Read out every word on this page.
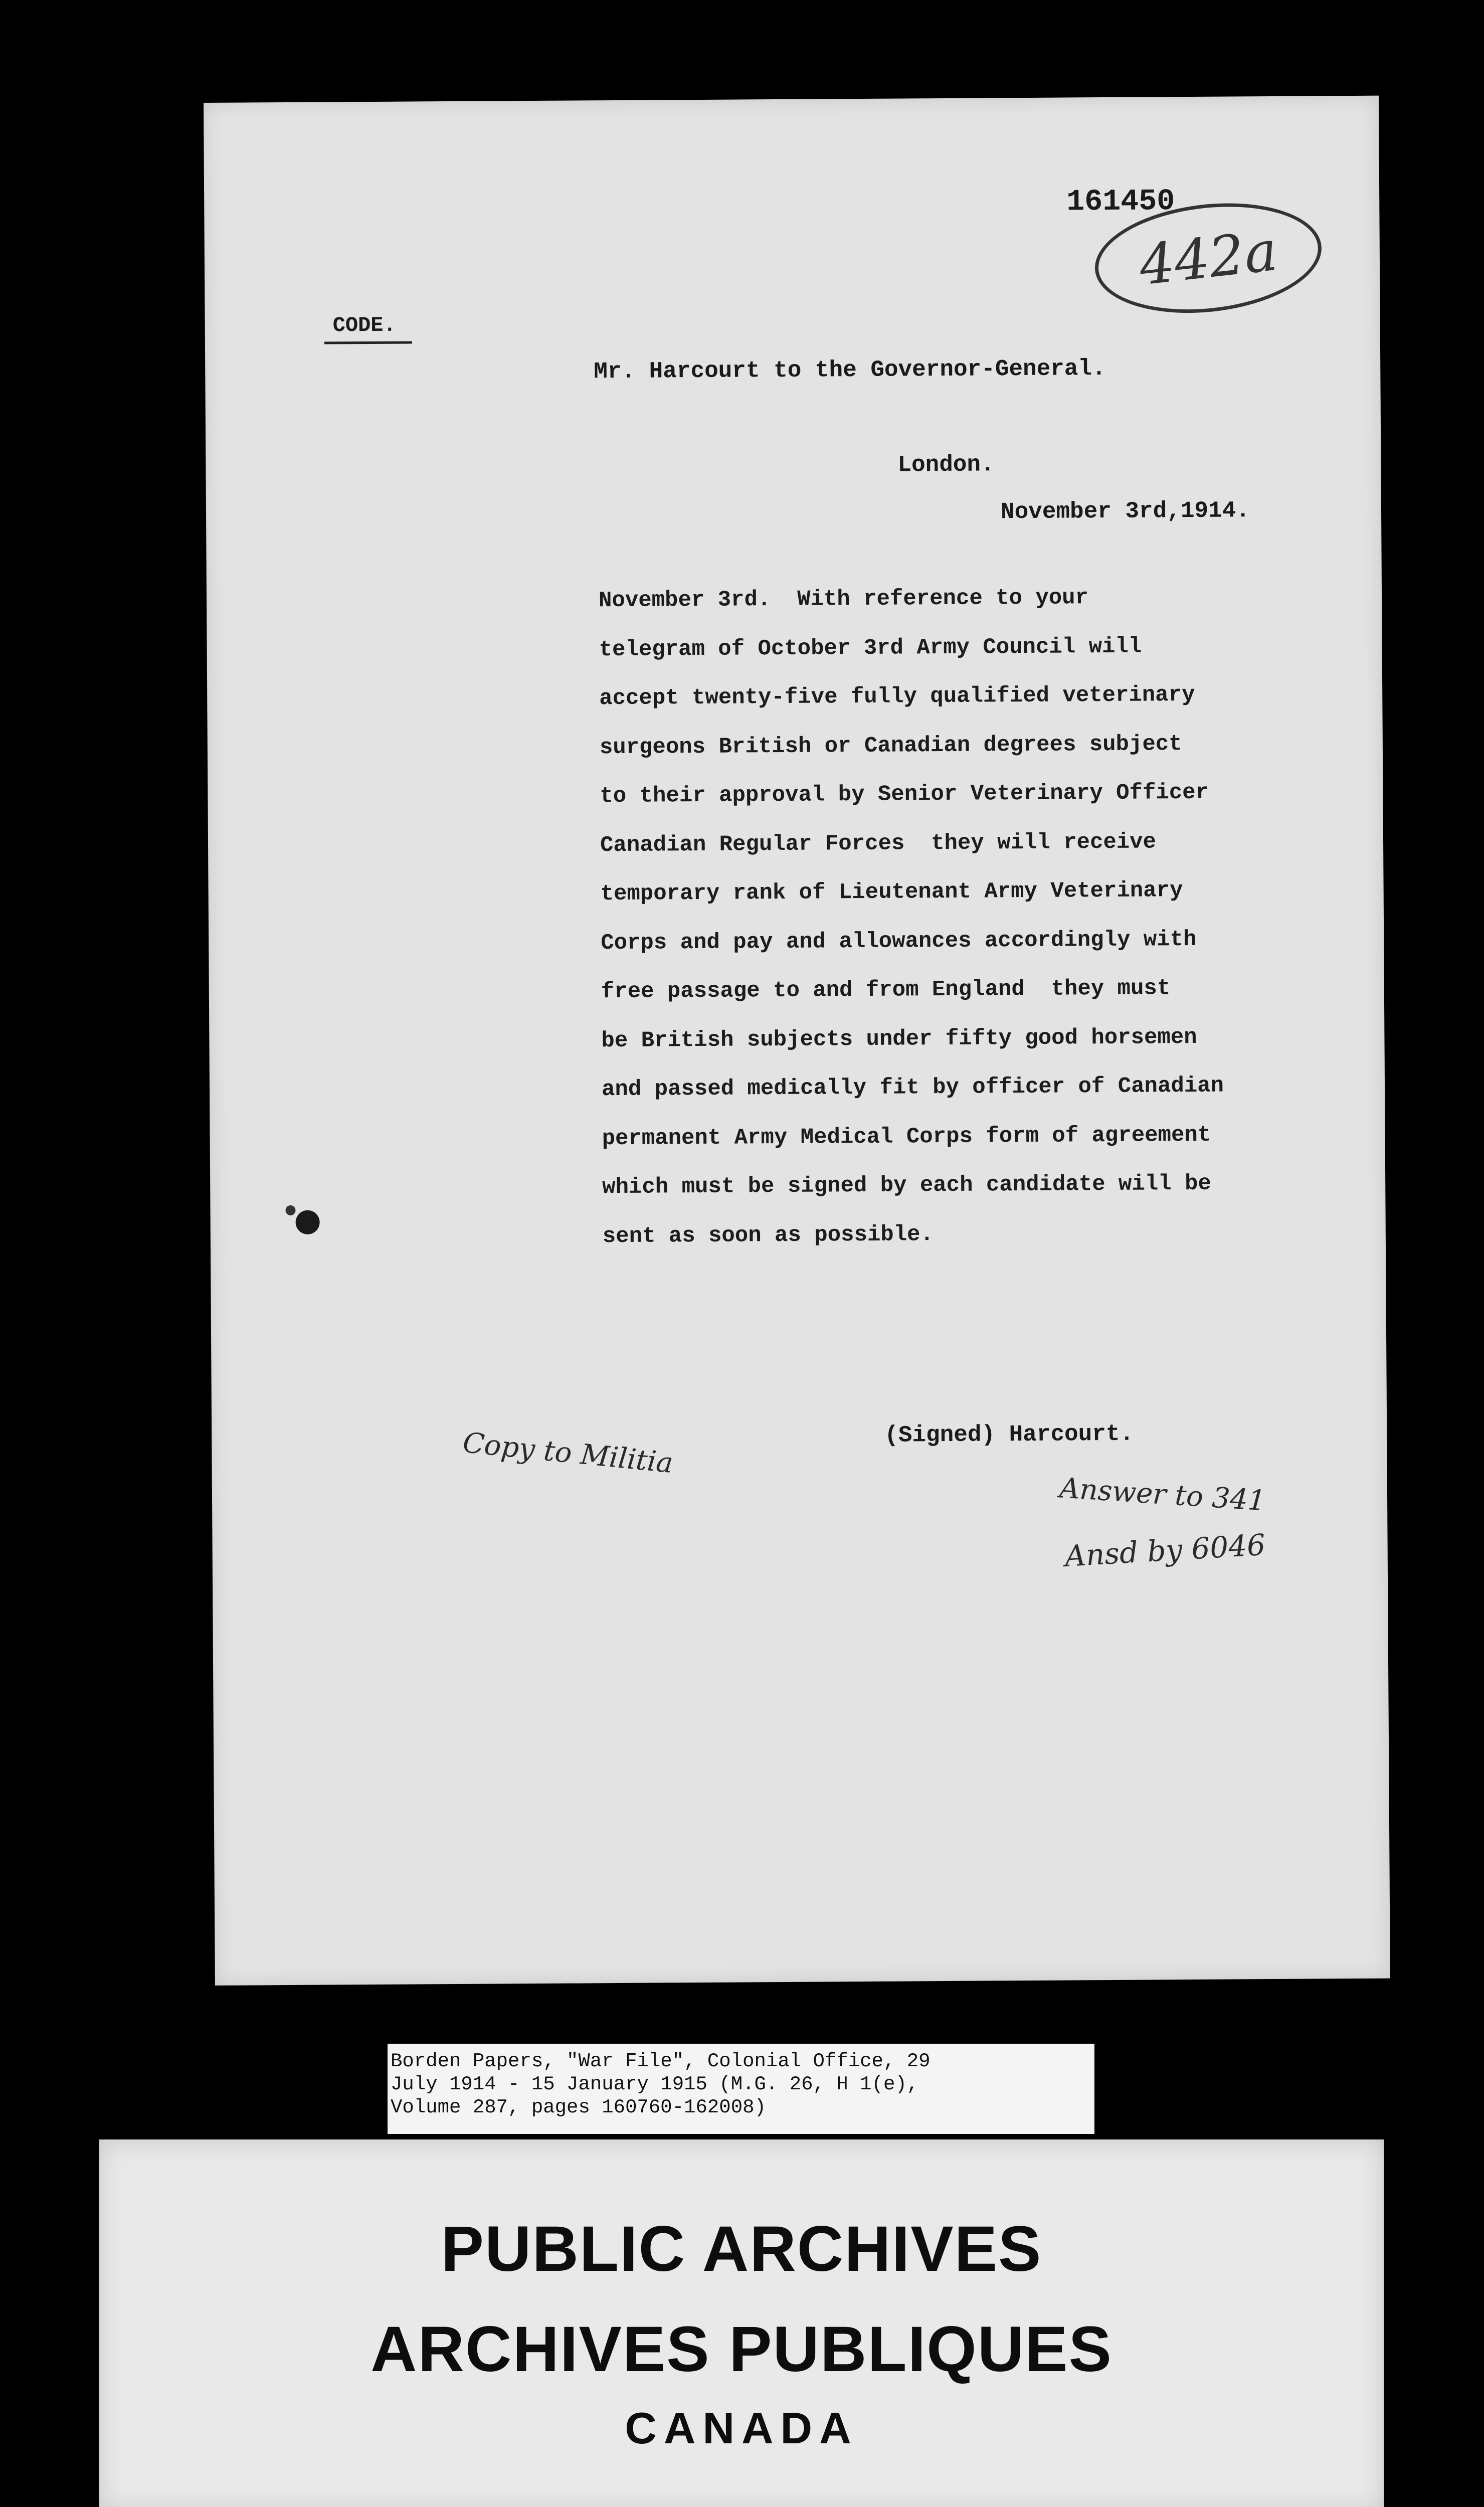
161450
442a
CODE.
Mr. Harcourt to the Governor-General.
London.
November 3rd,1914.
November 3rd.  With reference to your
telegram of October 3rd Army Council will
accept twenty-five fully qualified veterinary
surgeons British or Canadian degrees subject
to their approval by Senior Veterinary Officer
Canadian Regular Forces  they will receive
temporary rank of Lieutenant Army Veterinary
Corps and pay and allowances accordingly with
free passage to and from England  they must
be British subjects under fifty good horsemen
and passed medically fit by officer of Canadian
permanent Army Medical Corps form of agreement
which must be signed by each candidate will be
sent as soon as possible.
(Signed) Harcourt.
Copy to Militia
Answer to 341
Ansd by 6046
Borden Papers, "War File", Colonial Office, 29
July 1914 - 15 January 1915 (M.G. 26, H 1(e),
Volume 287, pages 160760-162008)
PUBLIC ARCHIVES
ARCHIVES PUBLIQUES
CANADA
